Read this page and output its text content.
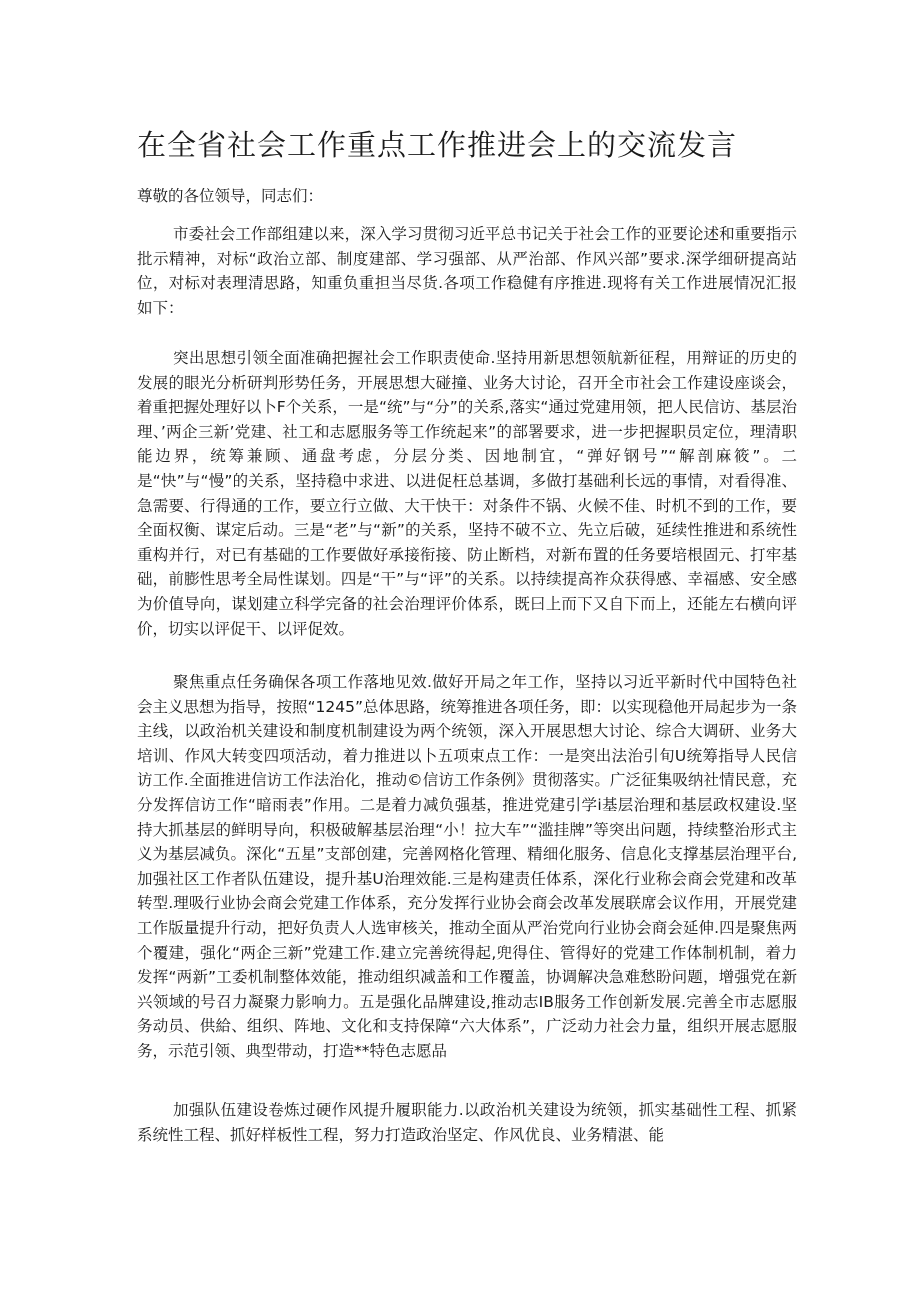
在全省社会工作重点工作推进会上的交流发言
尊敬的各位领导，同志们：

市委社会工作部组建以来，深入学习贯彻习近平总书记关于社会工作的亚要论述和重要指示批示精神，对标“政治立部、制度建部、学习强部、从严治部、作风兴部”要求.深学细研提高站位，对标对表理清思路，知重负重担当尽货.各项工作稳健有序推进.现将有关工作进展情况汇报如下：

突出思想引领全面准确把握社会工作职责使命.坚持用新思想领航新征程，用辩证的历史的发展的眼光分析研判形势任务，开展思想大碰撞、业务大讨论，召开全市社会工作建设座谈会，着重把握处理好以卜F个关系，一是“统”与“分”的关系,落实“通过党建用领，把人民信访、基层治理、’两企三新’党建、社工和志愿服务等工作统起来”的部署要求，进一步把握职员定位，理清职能边界，统筹兼顾、通盘考虑，分层分类、因地制宜，“弹好钢号”“解剖麻筱”。二是“快”与“慢”的关系，坚持稳中求进、以进促枉总基调，多做打基础利长远的事情，对看得准、急需要、行得通的工作，要立行立做、大干快干：对条件不锅、火候不佳、时机不到的工作，要全面权衡、谋定后动。三是“老”与“新”的关系，坚持不破不立、先立后破，延续性推进和系统性重构并行，对已有基础的工作要做好承接衔接、防止断档，对新布置的任务要培根固元、打牢基础，前膨性思考全局性谋划。四是“干”与“评”的关系。以持续提高祚众获得感、幸福感、安全感为价值导向，谋划建立科学完备的社会治理评价体系，既曰上而下又自下而上，还能左右横向评价，切实以评促干、以评促效。

聚焦重点任务确保各项工作落地见效.做好开局之年工作，坚持以习近平新时代中国特色社会主义思想为指导，按照“1245”总体思路，统筹推进各项任务，即：以实现稳他开局起步为一条主线，以政治机关建设和制度机制建设为两个统领，深入开展思想大讨论、综合大调研、业务大培训、作风大转变四项活动，着力推进以卜五项束点工作：一是突出法治引旬U统筹指导人民信访工作.全面推进信访工作法治化，推动©信访工作条例》贯彻落实。广泛征集吸纳社情民意，充分发挥信访工作“暗雨表”作用。二是着力减负强基，推进党建引学i基层治理和基层政权建设.坚持大抓基层的鲜明导向，积极破解基层治理“小！拉大车”“滥挂牌”等突出问题，持续整治形式主义为基层减负。深化“五星”支部创建，完善网格化管理、精细化服务、信息化支撑基层治理平台,加强社区工作者队伍建设，提升基U治理效能.三是构建责任体系，深化行业称会商会党建和改革转型.理吸行业协会商会党建工作体系，充分发挥行业协会商会改革发展联席会议作用，开展党建工作版量提升行动，把好负责人人选审核关，推动全面从严治党向行业协会商会延伸.四是聚焦两个覆建，强化“两企三新”党建工作.建立完善统得起,兜得住、管得好的党建工作体制机制，着力发挥“两新”工委机制整体效能，推动组织减盖和工作覆盖，协调解决急难愁盼问题，增强党在新兴领域的号召力凝聚力影响力。五是强化品牌建设,推动志IB服务工作创新发展.完善全市志愿服务动员、供給、组织、阵地、文化和支持保障“六大体系”，广泛动力社会力量，组织开展志愿服务，示范引领、典型带动，打造**特色志愿品

加强队伍建设卷炼过硬作风提升履职能力.以政治机关建设为统领，抓实基础性工程、抓紧系统性工程、抓好样板性工程，努力打造政治坚定、作风优良、业务精湛、能
